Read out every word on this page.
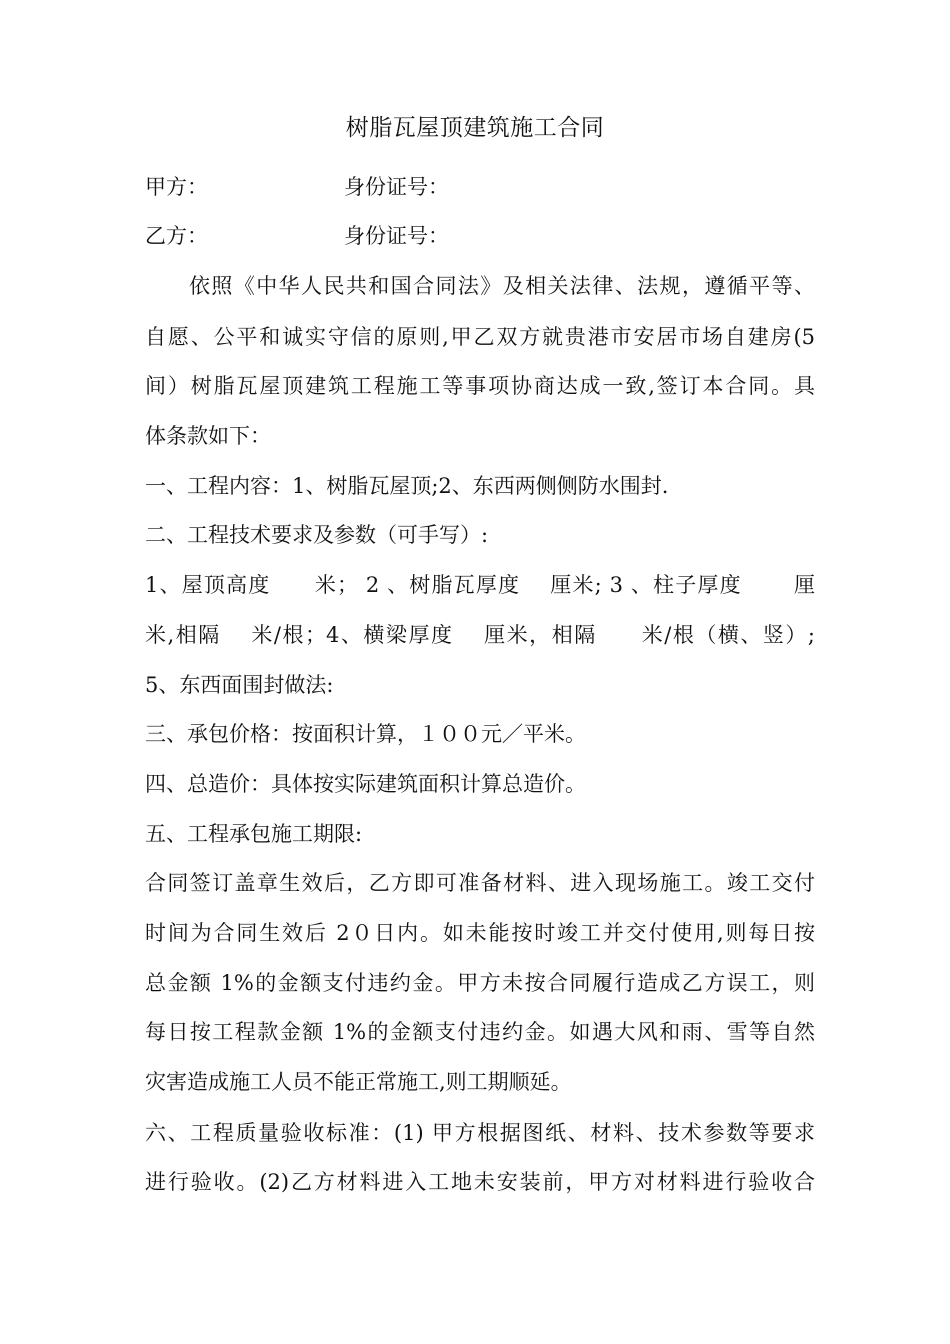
树脂瓦屋顶建筑施工合同
甲方：	身份证号：
乙方：	身份证号：
依照《中华人民共和国合同法》及相关法律、法规，遵循平等、
自愿、公平和诚实守信的原则,甲乙双方就贵港市安居市场自建房(5
间）树脂瓦屋顶建筑工程施工等事项协商达成一致,签订本合同。具
体条款如下：
一、工程内容：1、树脂瓦屋顶;2、东西两侧侧防水围封.
二、工程技术要求及参数（可手写）:
1、屋顶高度　　米； 2 、树脂瓦厚度　 厘米; 3 、柱子厚度　　 厘
米,相隔　 米/根；4、横梁厚度　 厘米，相隔　　米/根（横、竖）;
5、东西面围封做法:
三、承包价格：按面积计算，１００元／平米。
四、总造价：具体按实际建筑面积计算总造价。
五、工程承包施工期限:
合同签订盖章生效后，乙方即可准备材料、进入现场施工。竣工交付
时间为合同生效后 2０日内。如未能按时竣工并交付使用,则每日按
总金额 1%的金额支付违约金。甲方未按合同履行造成乙方误工，则
每日按工程款金额 1%的金额支付违约金。如遇大风和雨、雪等自然
灾害造成施工人员不能正常施工,则工期顺延。
六、工程质量验收标准：(1) 甲方根据图纸、材料、技术参数等要求
进行验收。(2)乙方材料进入工地未安装前，甲方对材料进行验收合
